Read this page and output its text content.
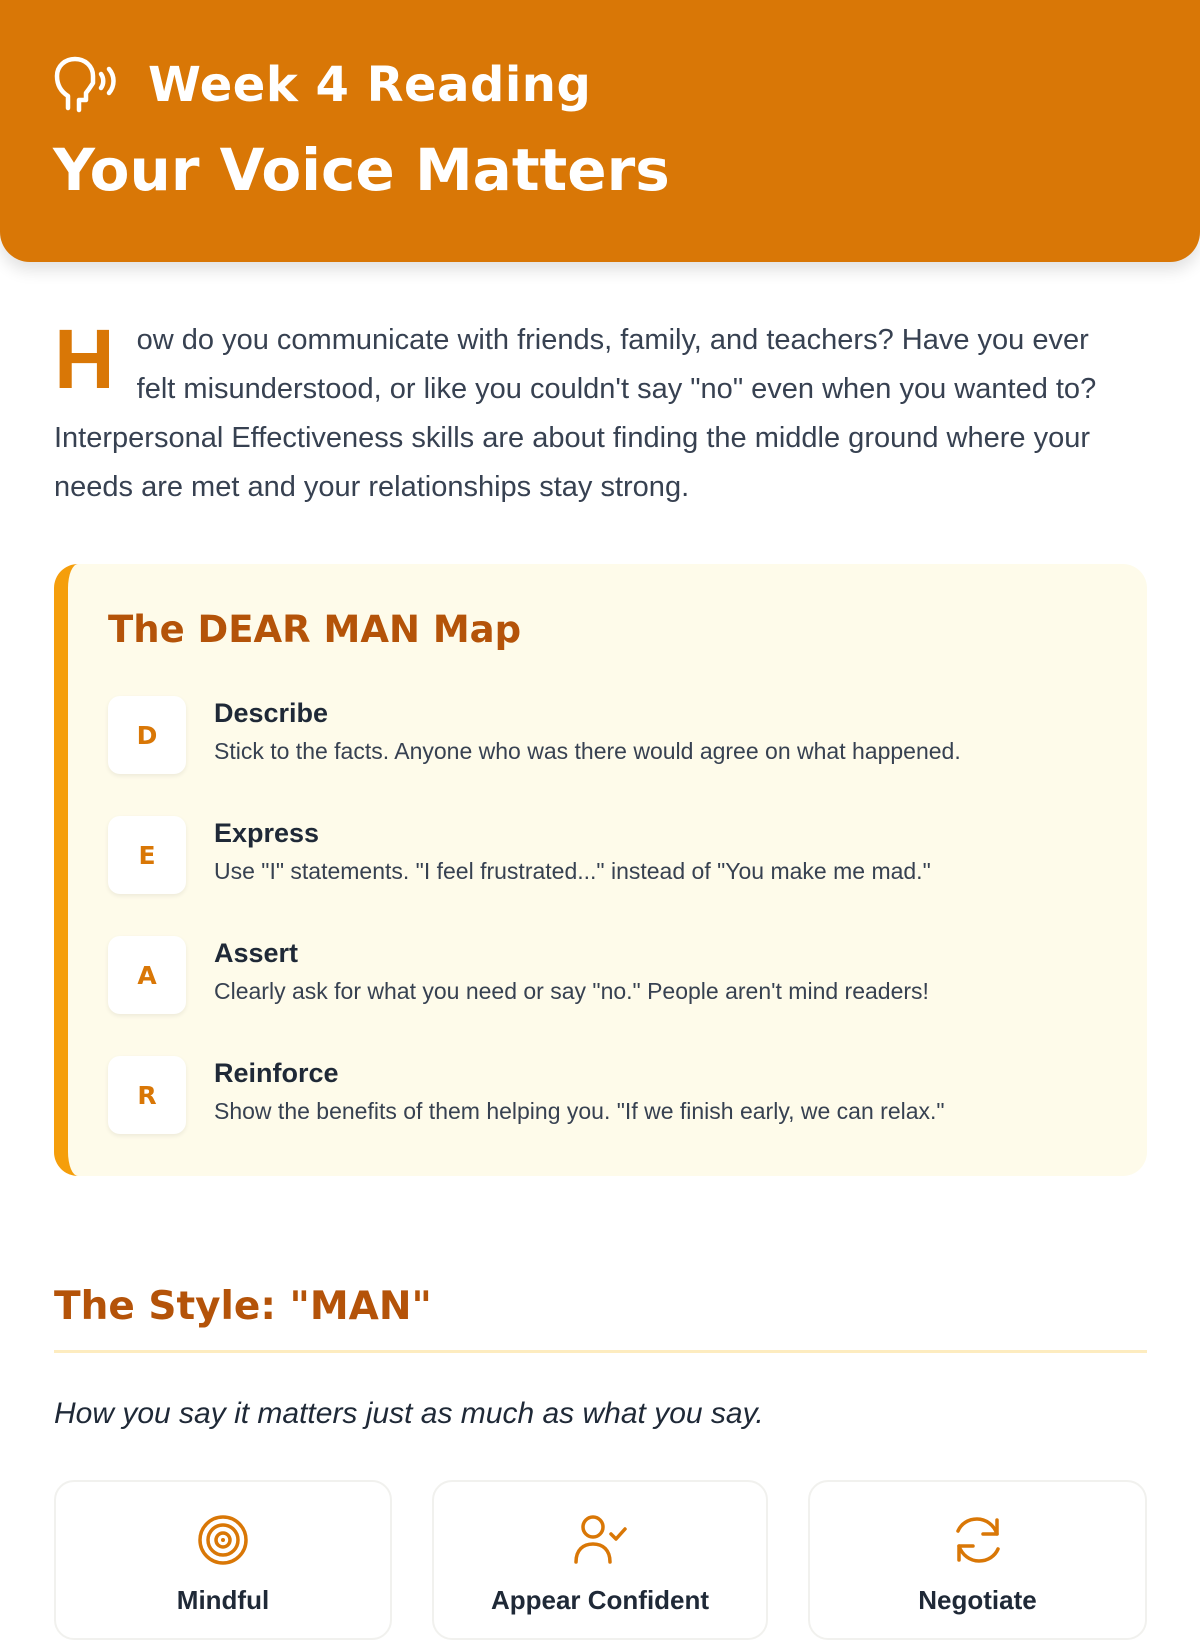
Week 4 Reading
Your Voice Matters

How do you communicate with friends, family, and teachers? Have you ever felt misunderstood, or like you couldn't say "no" even when you wanted to? Interpersonal Effectiveness skills are about finding the middle ground where your needs are met and your relationships stay strong.

The DEAR MAN Map
D
Describe
Stick to the facts. Anyone who was there would agree on what happened.
E
Express
Use "I" statements. "I feel frustrated..." instead of "You make me mad."
A
Assert
Clearly ask for what you need or say "no." People aren't mind readers!
R
Reinforce
Show the benefits of them helping you. "If we finish early, we can relax."
The Style: "MAN"

How you say it matters just as much as what you say.

Mindful	Appear Confident	Negotiate
